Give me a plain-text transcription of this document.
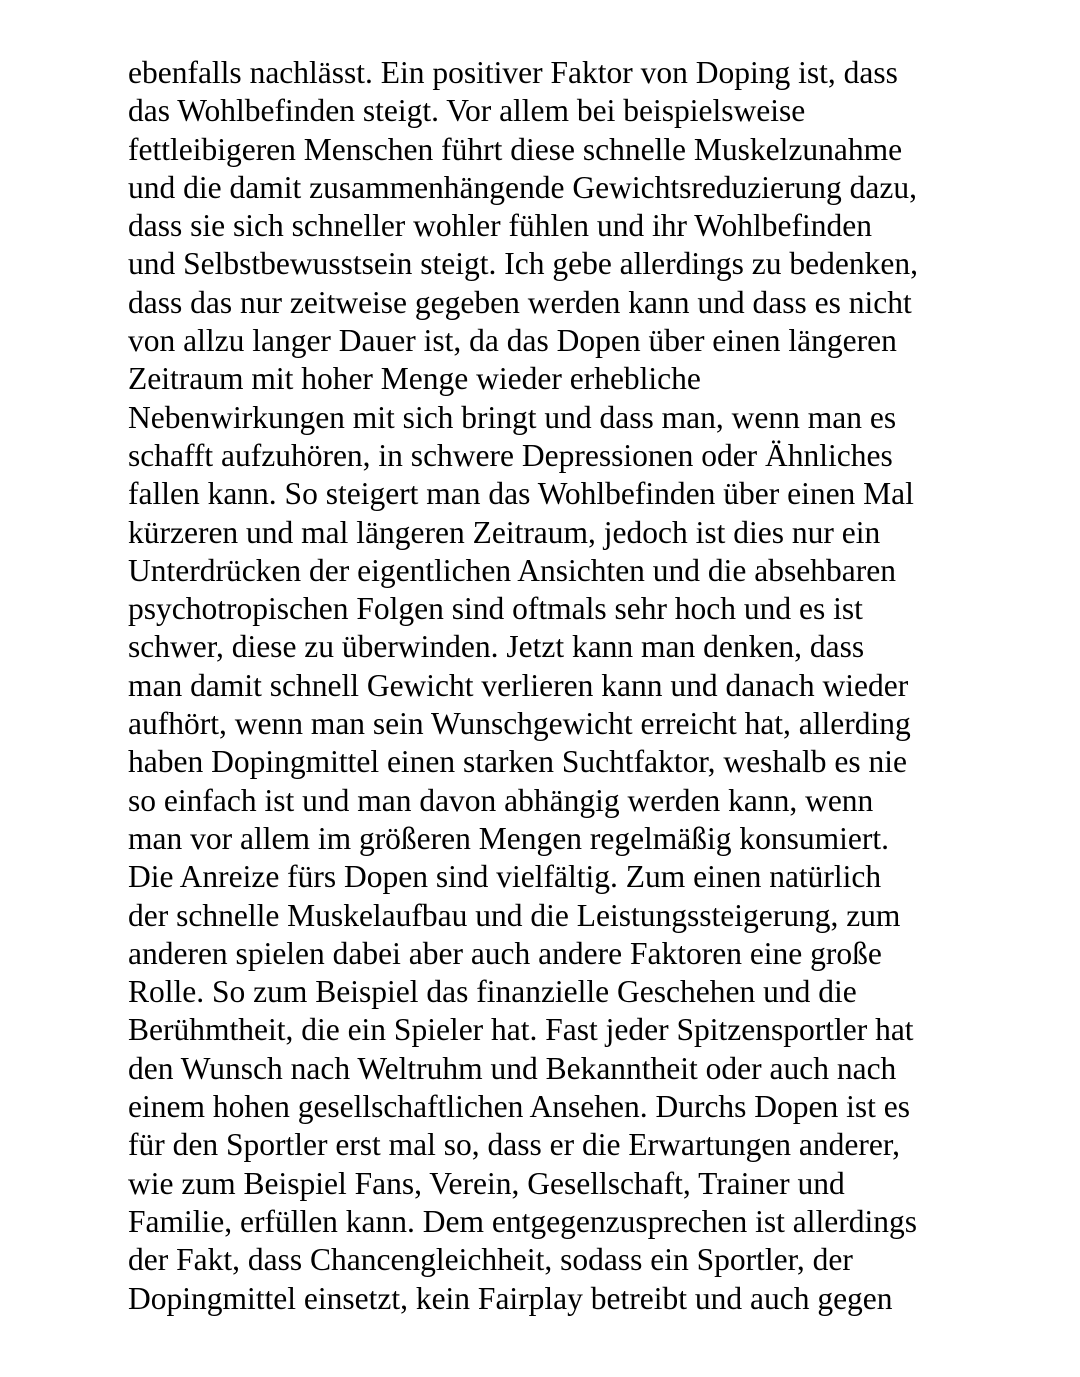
ebenfalls nachlässt. Ein positiver Faktor von Doping ist, dass
das Wohlbefinden steigt. Vor allem bei beispielsweise
fettleibigeren Menschen führt diese schnelle Muskelzunahme
und die damit zusammenhängende Gewichtsreduzierung dazu,
dass sie sich schneller wohler fühlen und ihr Wohlbefinden
und Selbstbewusstsein steigt. Ich gebe allerdings zu bedenken,
dass das nur zeitweise gegeben werden kann und dass es nicht
von allzu langer Dauer ist, da das Dopen über einen längeren
Zeitraum mit hoher Menge wieder erhebliche
Nebenwirkungen mit sich bringt und dass man, wenn man es
schafft aufzuhören, in schwere Depressionen oder Ähnliches
fallen kann. So steigert man das Wohlbefinden über einen Mal
kürzeren und mal längeren Zeitraum, jedoch ist dies nur ein
Unterdrücken der eigentlichen Ansichten und die absehbaren
psychotropischen Folgen sind oftmals sehr hoch und es ist
schwer, diese zu überwinden. Jetzt kann man denken, dass
man damit schnell Gewicht verlieren kann und danach wieder
aufhört, wenn man sein Wunschgewicht erreicht hat, allerding
haben Dopingmittel einen starken Suchtfaktor, weshalb es nie
so einfach ist und man davon abhängig werden kann, wenn
man vor allem im größeren Mengen regelmäßig konsumiert.
Die Anreize fürs Dopen sind vielfältig. Zum einen natürlich
der schnelle Muskelaufbau und die Leistungssteigerung, zum
anderen spielen dabei aber auch andere Faktoren eine große
Rolle. So zum Beispiel das finanzielle Geschehen und die
Berühmtheit, die ein Spieler hat. Fast jeder Spitzensportler hat
den Wunsch nach Weltruhm und Bekanntheit oder auch nach
einem hohen gesellschaftlichen Ansehen. Durchs Dopen ist es
für den Sportler erst mal so, dass er die Erwartungen anderer,
wie zum Beispiel Fans, Verein, Gesellschaft, Trainer und
Familie, erfüllen kann. Dem entgegenzusprechen ist allerdings
der Fakt, dass Chancengleichheit, sodass ein Sportler, der
Dopingmittel einsetzt, kein Fairplay betreibt und auch gegen
